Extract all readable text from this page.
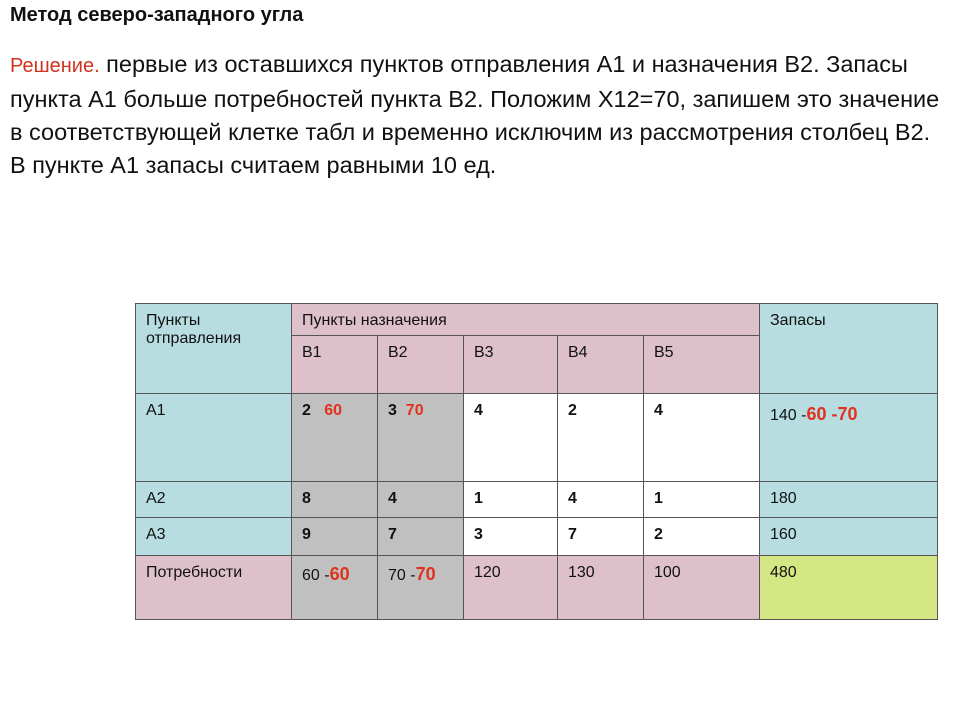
Метод северо-западного угла
Решение. первые из оставшихся пунктов отправления А1 и назначения В2. Запасы пункта А1 больше потребностей пункта В2. Положим Х12=70, запишем это значение в соответствующей клетке табл и временно исключим из рассмотрения столбец В2. В пункте А1 запасы считаем равными 10 ед.
Пункты отправления	Пункты назначения					Запасы
	B1	B2	B3	B4	B5	
А1	2 60	3 70	4	2	4	140 -60 -70
А2	8	4	1	4	1	180
А3	9	7	3	7	2	160
Потребности	60 -60	70 -70	120	130	100	480
